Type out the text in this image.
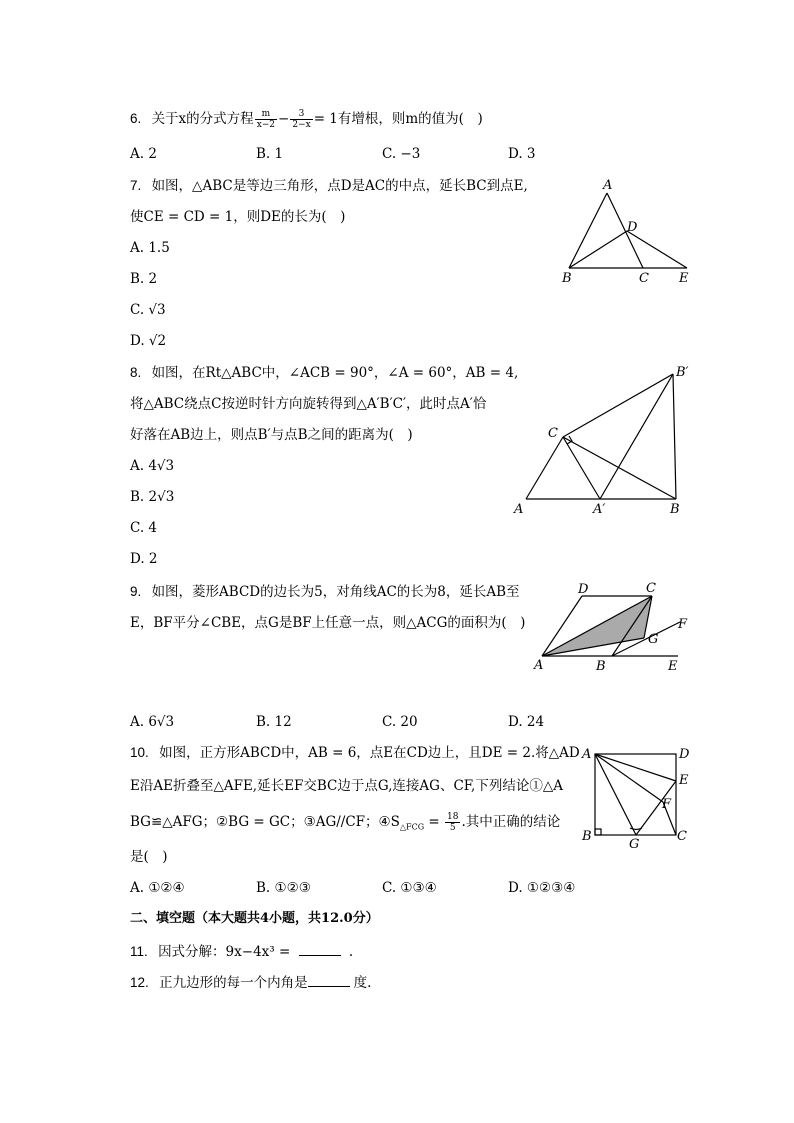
6. 关于x的分式方程 $\frac{m}{x-2} - \frac{3}{2-x} = 1$有增根，则m的值为(　)
A. 2	B. 1	C. −3	D. 3
7. 如图，△ABC是等边三角形，点D是AC的中点，延长BC到点E,
使CE = CD = 1，则DE的长为(　)
A. 1.5
B. 2
C. √3
D. √2
A
D
B	C E
8. 如图，在Rt△ABC中，∠ACB = 90°，∠A = 60°，AB = 4,
将△ABC绕点C按逆时针方向旋转得到△A′B′C′，此时点A′恰
好落在AB边上，则点B′与点B之间的距离为(　)
A. 4√3
B. 2√3
C. 4
D. 2
B′
C
A	A′	B
9. 如图，菱形ABCD的边长为5，对角线AC的长为8，延长AB至
E，BF平分∠CBE，点G是BF上任意一点，则△ACG的面积为(　)
D	C
F
G
A	B	E
A. 6√3	B. 12	C. 20	D. 24
10. 如图，正方形ABCD中，AB = 6，点E在CD边上，且DE = 2.将△AD
E沿AE折叠至△AFE,延长EF交BC边于点G,连接AG、CF,下列结论①△A
BG≌△AFG；②BG = GC；③AG//CF；$④S_{\triangle FCG} = \frac{18}{5}$ .其中正确的结论
是(　)
A. ①②④	B. ①②③	C. ①③④	D. ①②③④
A	D
E
F
B
G
C
二、填空题（本大题共4小题，共12.0分）
11. 因式分解：9x−4x³ =	.
12. 正九边形的每一个内角是	度.
